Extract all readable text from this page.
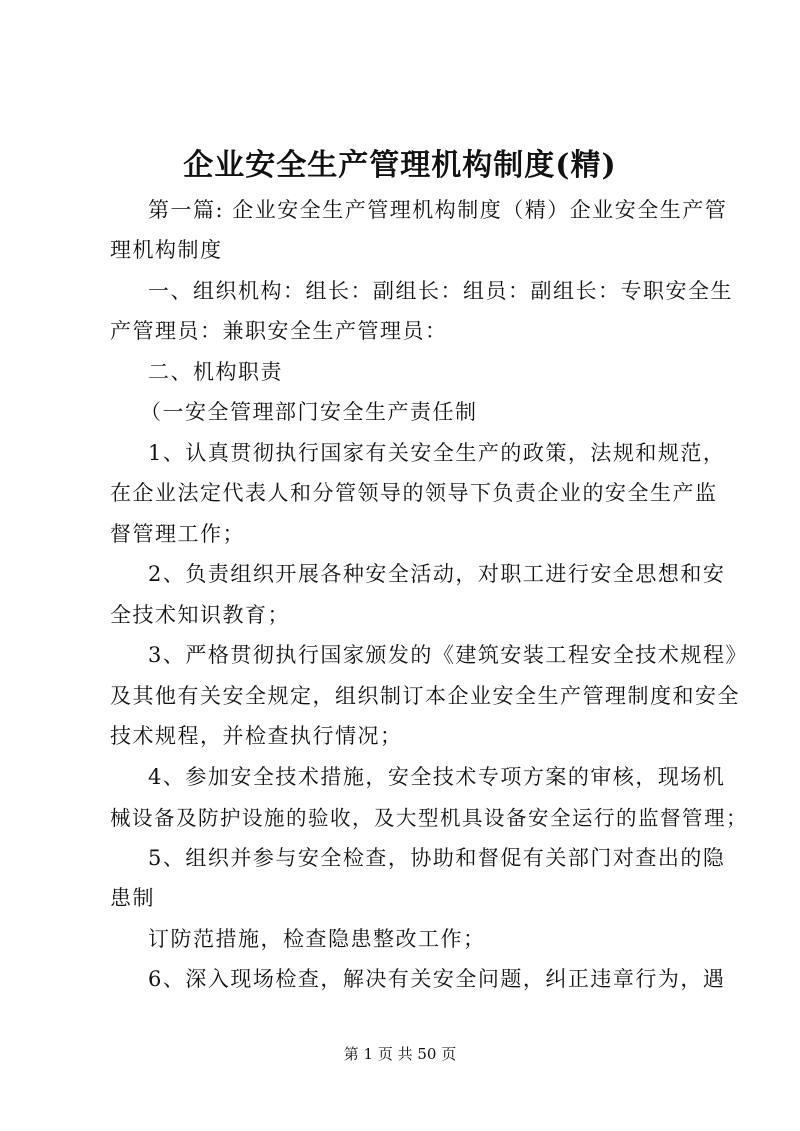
企业安全生产管理机构制度(精)
第一篇: 企业安全生产管理机构制度（精）企业安全生产管
理机构制度
一、组织机构：组长：副组长：组员：副组长：专职安全生
产管理员：兼职安全生产管理员：
二、机构职责
（一安全管理部门安全生产责任制
1、认真贯彻执行国家有关安全生产的政策，法规和规范，
在企业法定代表人和分管领导的领导下负责企业的安全生产监
督管理工作；
2、负责组织开展各种安全活动，对职工进行安全思想和安
全技术知识教育；
3、严格贯彻执行国家颁发的《建筑安装工程安全技术规程》
及其他有关安全规定，组织制订本企业安全生产管理制度和安全
技术规程，并检查执行情况；
4、参加安全技术措施，安全技术专项方案的审核，现场机
械设备及防护设施的验收，及大型机具设备安全运行的监督管理；
5、组织并参与安全检查，协助和督促有关部门对查出的隐
患制
订防范措施，检查隐患整改工作；
6、深入现场检查，解决有关安全问题，纠正违章行为，遇
第 1 页 共 50 页
